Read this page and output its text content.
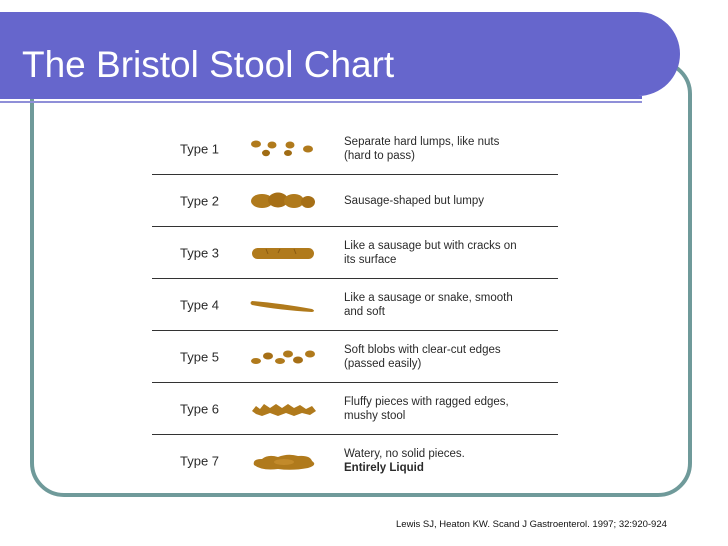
The Bristol Stool Chart
Type 1	Separate hard lumps, like nuts
(hard to pass)
Type 2	Sausage-shaped but lumpy
Type 3	Like a sausage but with cracks on
its surface
Type 4	Like a sausage or snake, smooth
and soft
Type 5	Soft blobs with clear-cut edges
(passed easily)
Type 6	Fluffy pieces with ragged edges,
mushy stool
Type 7	Watery, no solid pieces.
Entirely Liquid
Lewis SJ, Heaton KW. Scand J Gastroenterol. 1997; 32:920-924
